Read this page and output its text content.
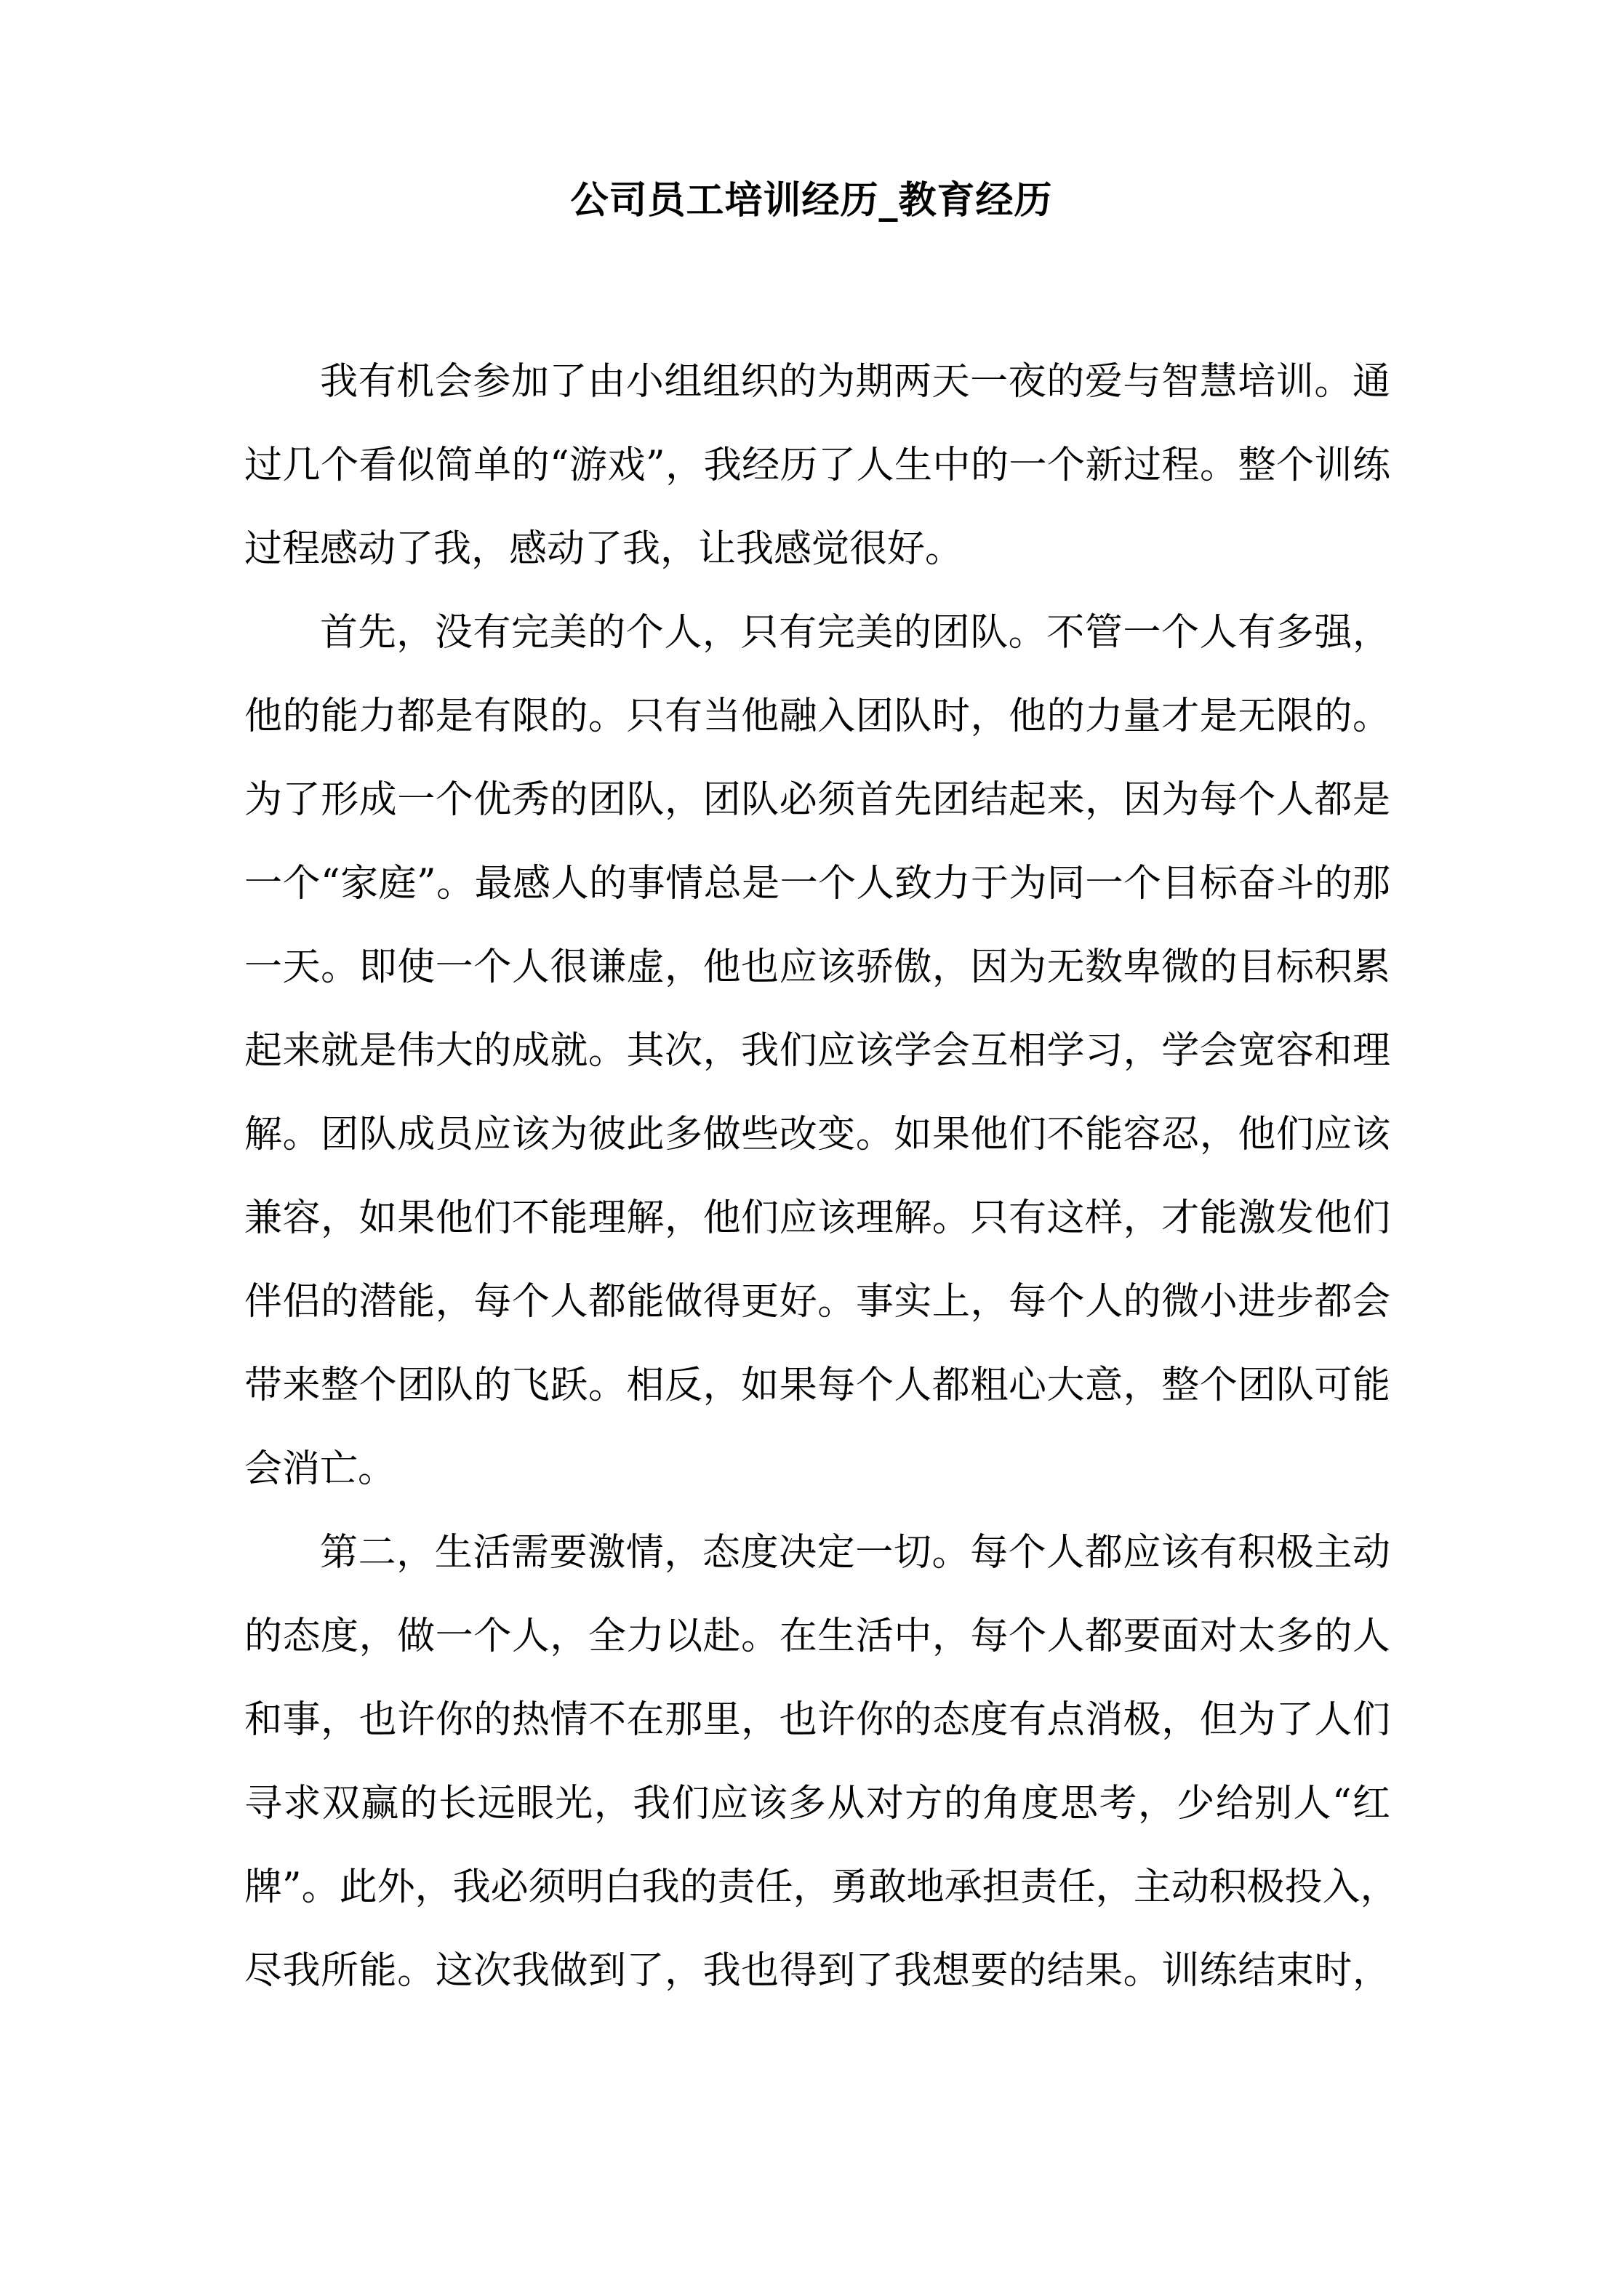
公司员工培训经历_教育经历

我有机会参加了由小组组织的为期两天一夜的爱与智慧培训。通
过几个看似简单的“游戏”，我经历了人生中的一个新过程。整个训练
过程感动了我，感动了我，让我感觉很好。

首先，没有完美的个人，只有完美的团队。不管一个人有多强，
他的能力都是有限的。只有当他融入团队时，他的力量才是无限的。
为了形成一个优秀的团队，团队必须首先团结起来，因为每个人都是
一个“家庭”。最感人的事情总是一个人致力于为同一个目标奋斗的那
一天。即使一个人很谦虚，他也应该骄傲，因为无数卑微的目标积累
起来就是伟大的成就。其次，我们应该学会互相学习，学会宽容和理
解。团队成员应该为彼此多做些改变。如果他们不能容忍，他们应该
兼容，如果他们不能理解，他们应该理解。只有这样，才能激发他们
伴侣的潜能，每个人都能做得更好。事实上，每个人的微小进步都会
带来整个团队的飞跃。相反，如果每个人都粗心大意，整个团队可能
会消亡。

第二，生活需要激情，态度决定一切。每个人都应该有积极主动
的态度，做一个人，全力以赴。在生活中，每个人都要面对太多的人
和事，也许你的热情不在那里，也许你的态度有点消极，但为了人们
寻求双赢的长远眼光，我们应该多从对方的角度思考，少给别人“红
牌”。此外，我必须明白我的责任，勇敢地承担责任，主动积极投入，
尽我所能。这次我做到了，我也得到了我想要的结果。训练结束时，
